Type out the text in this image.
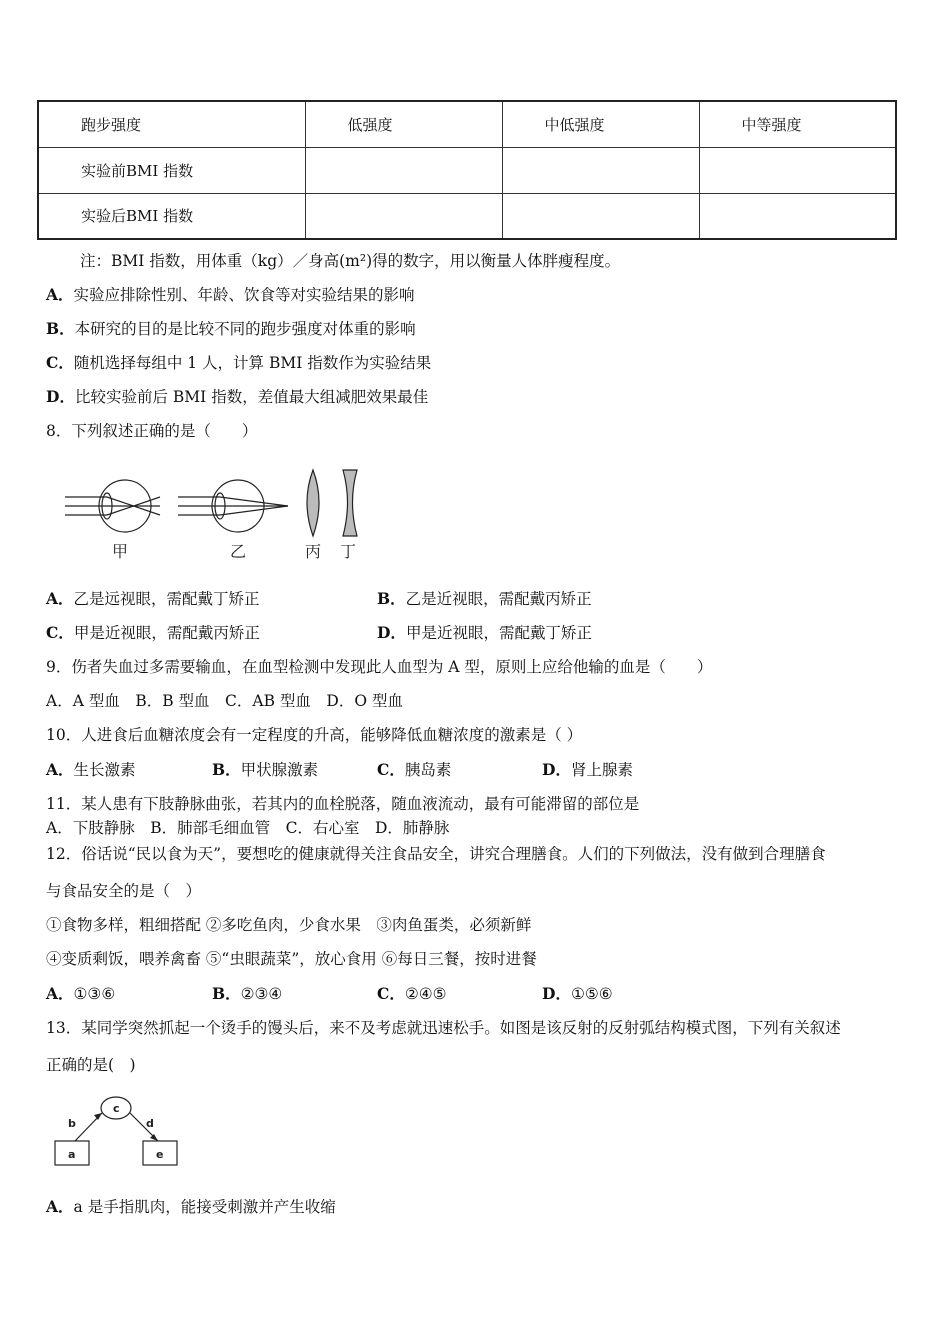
跑步强度	低强度	中低强度	中等强度
实验前BMI 指数			
实验后BMI 指数			
注：BMI 指数，用体重（kg）／身高(m²)得的数字，用以衡量人体胖瘦程度。
A．实验应排除性别、年龄、饮食等对实验结果的影响
B．本研究的目的是比较不同的跑步强度对体重的影响
C．随机选择每组中 1 人，计算 BMI 指数作为实验结果
D．比较实验前后 BMI 指数，差值最大组减肥效果最佳
8．下列叙述正确的是（　　）
甲	乙	丙 丁
A．乙是远视眼，需配戴丁矫正	B．乙是近视眼，需配戴丙矫正
C．甲是近视眼，需配戴丙矫正	D．甲是近视眼，需配戴丁矫正
9．伤者失血过多需要输血，在血型检测中发现此人血型为 A 型，原则上应给他输的血是（　　）
A．A 型血　B．B 型血　C．AB 型血　D．O 型血
10．人进食后血糖浓度会有一定程度的升高，能够降低血糖浓度的激素是（ ）
A．生长激素	B．甲状腺激素	C．胰岛素	D．肾上腺素
11．某人患有下肢静脉曲张，若其内的血栓脱落，随血液流动，最有可能滞留的部位是
A．下肢静脉　B．肺部毛细血管　C．右心室　D．肺静脉
12．俗话说“民以食为天”，要想吃的健康就得关注食品安全，讲究合理膳食。人们的下列做法，没有做到合理膳食
与食品安全的是（　）
①食物多样，粗细搭配 ②多吃鱼肉，少食水果　③肉鱼蛋类，必须新鲜
④变质剩饭，喂养禽畜 ⑤“虫眼蔬菜”，放心食用 ⑥每日三餐，按时进餐
A．①③⑥	B．②③④	C．②④⑤	D．①⑤⑥
13．某同学突然抓起一个烫手的馒头后，来不及考虑就迅速松手。如图是该反射的反射弧结构模式图，下列有关叙述
正确的是(　)
a
b
c
d
e
A．a 是手指肌肉，能接受刺激并产生收缩
